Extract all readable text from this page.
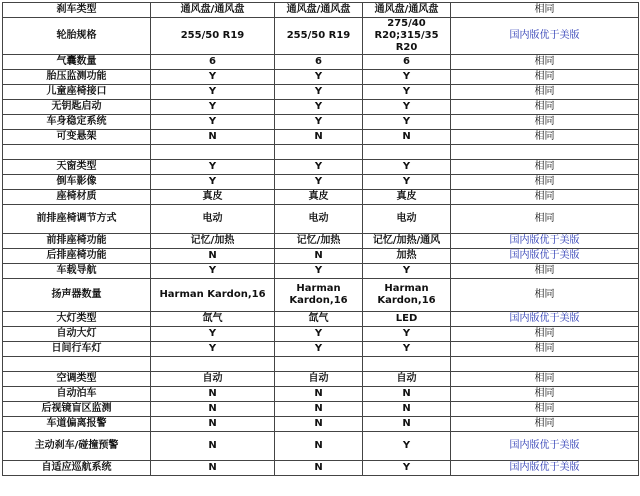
刹车类型	通风盘/通风盘	通风盘/通风盘	通风盘/通风盘	相同
轮胎规格	255/50 R19	255/50 R19	275/40 R20;315/35 R20	国内版优于美版
气囊数量	6	6	6	相同
胎压监测功能	Y	Y	Y	相同
儿童座椅接口	Y	Y	Y	相同
无钥匙启动	Y	Y	Y	相同
车身稳定系统	Y	Y	Y	相同
可变悬架	N	N	N	相同

天窗类型	Y	Y	Y	相同
倒车影像	Y	Y	Y	相同
座椅材质	真皮	真皮	真皮	相同
前排座椅调节方式	电动	电动	电动	相同
前排座椅功能	记忆/加热	记忆/加热	记忆/加热/通风	国内版优于美版
后排座椅功能	N	N	加热	国内版优于美版
车载导航	Y	Y	Y	相同
扬声器数量	Harman Kardon,16	Harman Kardon,16	Harman Kardon,16	相同
大灯类型	氙气	氙气	LED	国内版优于美版
自动大灯	Y	Y	Y	相同
日间行车灯	Y	Y	Y	相同

空调类型	自动	自动	自动	相同
自动泊车	N	N	N	相同
后视镜盲区监测	N	N	N	相同
车道偏离报警	N	N	N	相同
主动刹车/碰撞预警	N	N	Y	国内版优于美版
自适应巡航系统	N	N	Y	国内版优于美版
